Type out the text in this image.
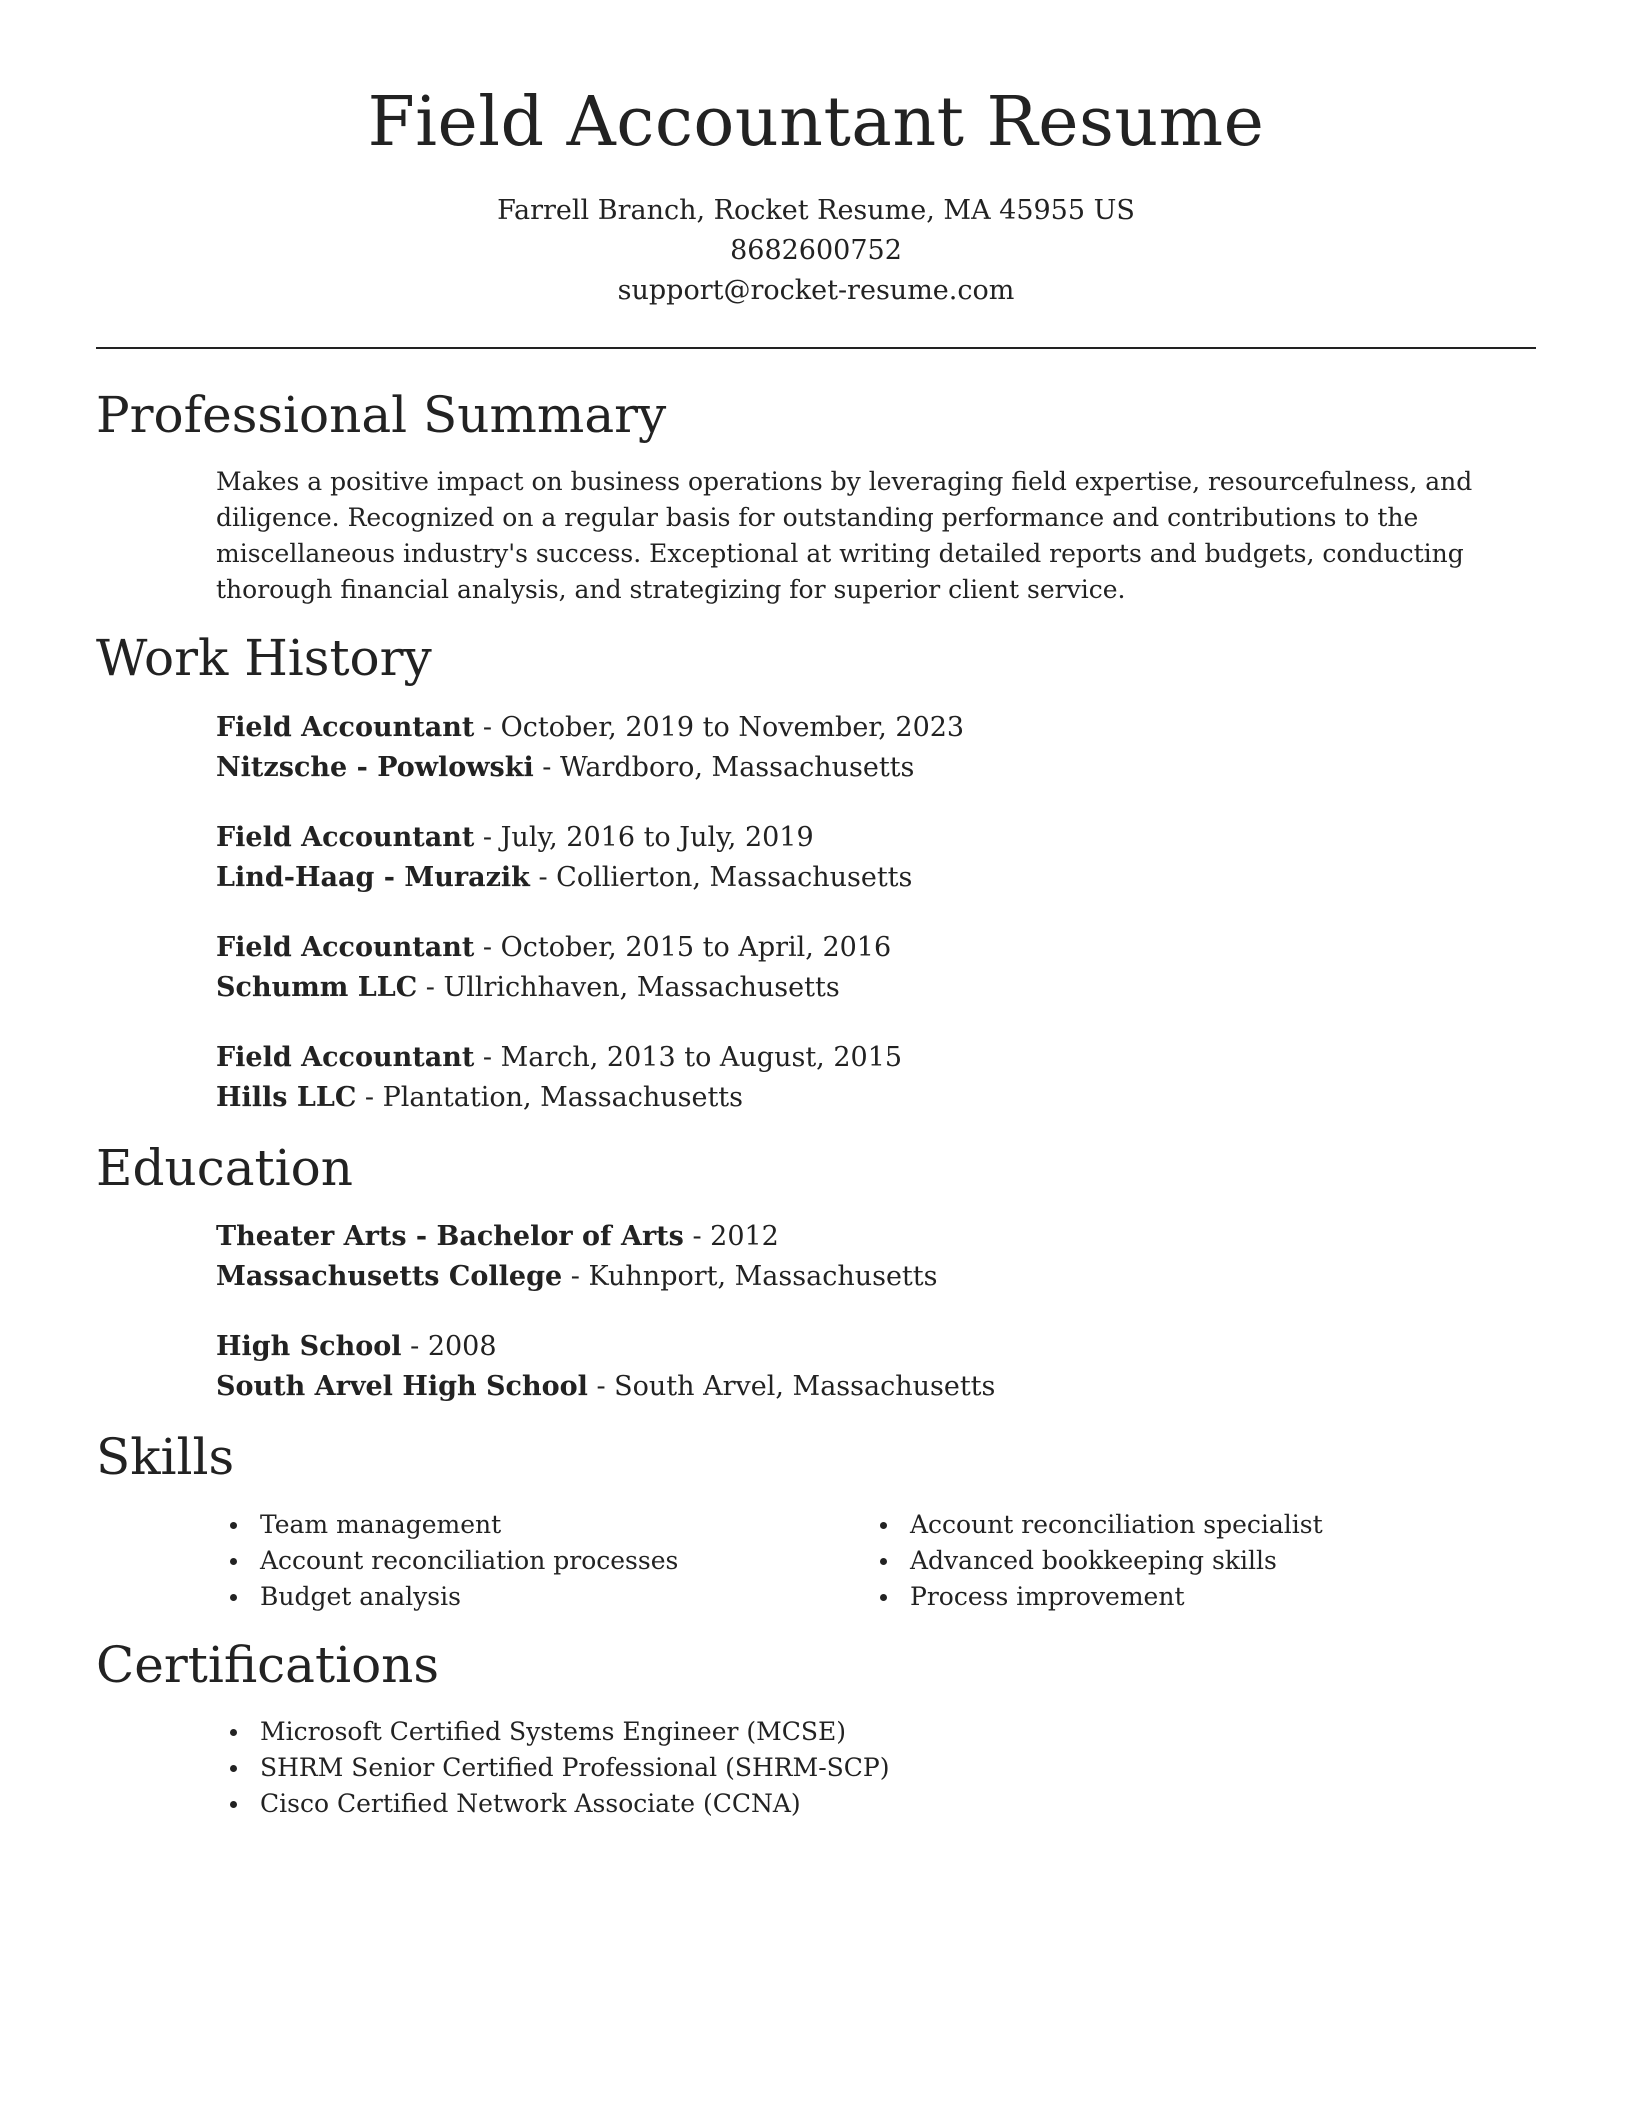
Field Accountant Resume
Farrell Branch, Rocket Resume, MA 45955 US
8682600752
support@rocket-resume.com
Professional Summary

Makes a positive impact on business operations by leveraging field expertise, resourcefulness, and diligence. Recognized on a regular basis for outstanding performance and contributions to the miscellaneous industry's success. Exceptional at writing detailed reports and budgets, conducting thorough financial analysis, and strategizing for superior client service.

Work History
Field Accountant - October, 2019 to November, 2023
Nitzsche - Powlowski - Wardboro, Massachusetts
Field Accountant - July, 2016 to July, 2019
Lind-Haag - Murazik - Collierton, Massachusetts
Field Accountant - October, 2015 to April, 2016
Schumm LLC - Ullrichhaven, Massachusetts
Field Accountant - March, 2013 to August, 2015
Hills LLC - Plantation, Massachusetts
Education
Theater Arts - Bachelor of Arts - 2012
Massachusetts College - Kuhnport, Massachusetts
High School - 2008
South Arvel High School - South Arvel, Massachusetts
Skills
Team management
Account reconciliation processes
Budget analysis
Account reconciliation specialist
Advanced bookkeeping skills
Process improvement
Certifications
Microsoft Certified Systems Engineer (MCSE)
SHRM Senior Certified Professional (SHRM-SCP)
Cisco Certified Network Associate (CCNA)
